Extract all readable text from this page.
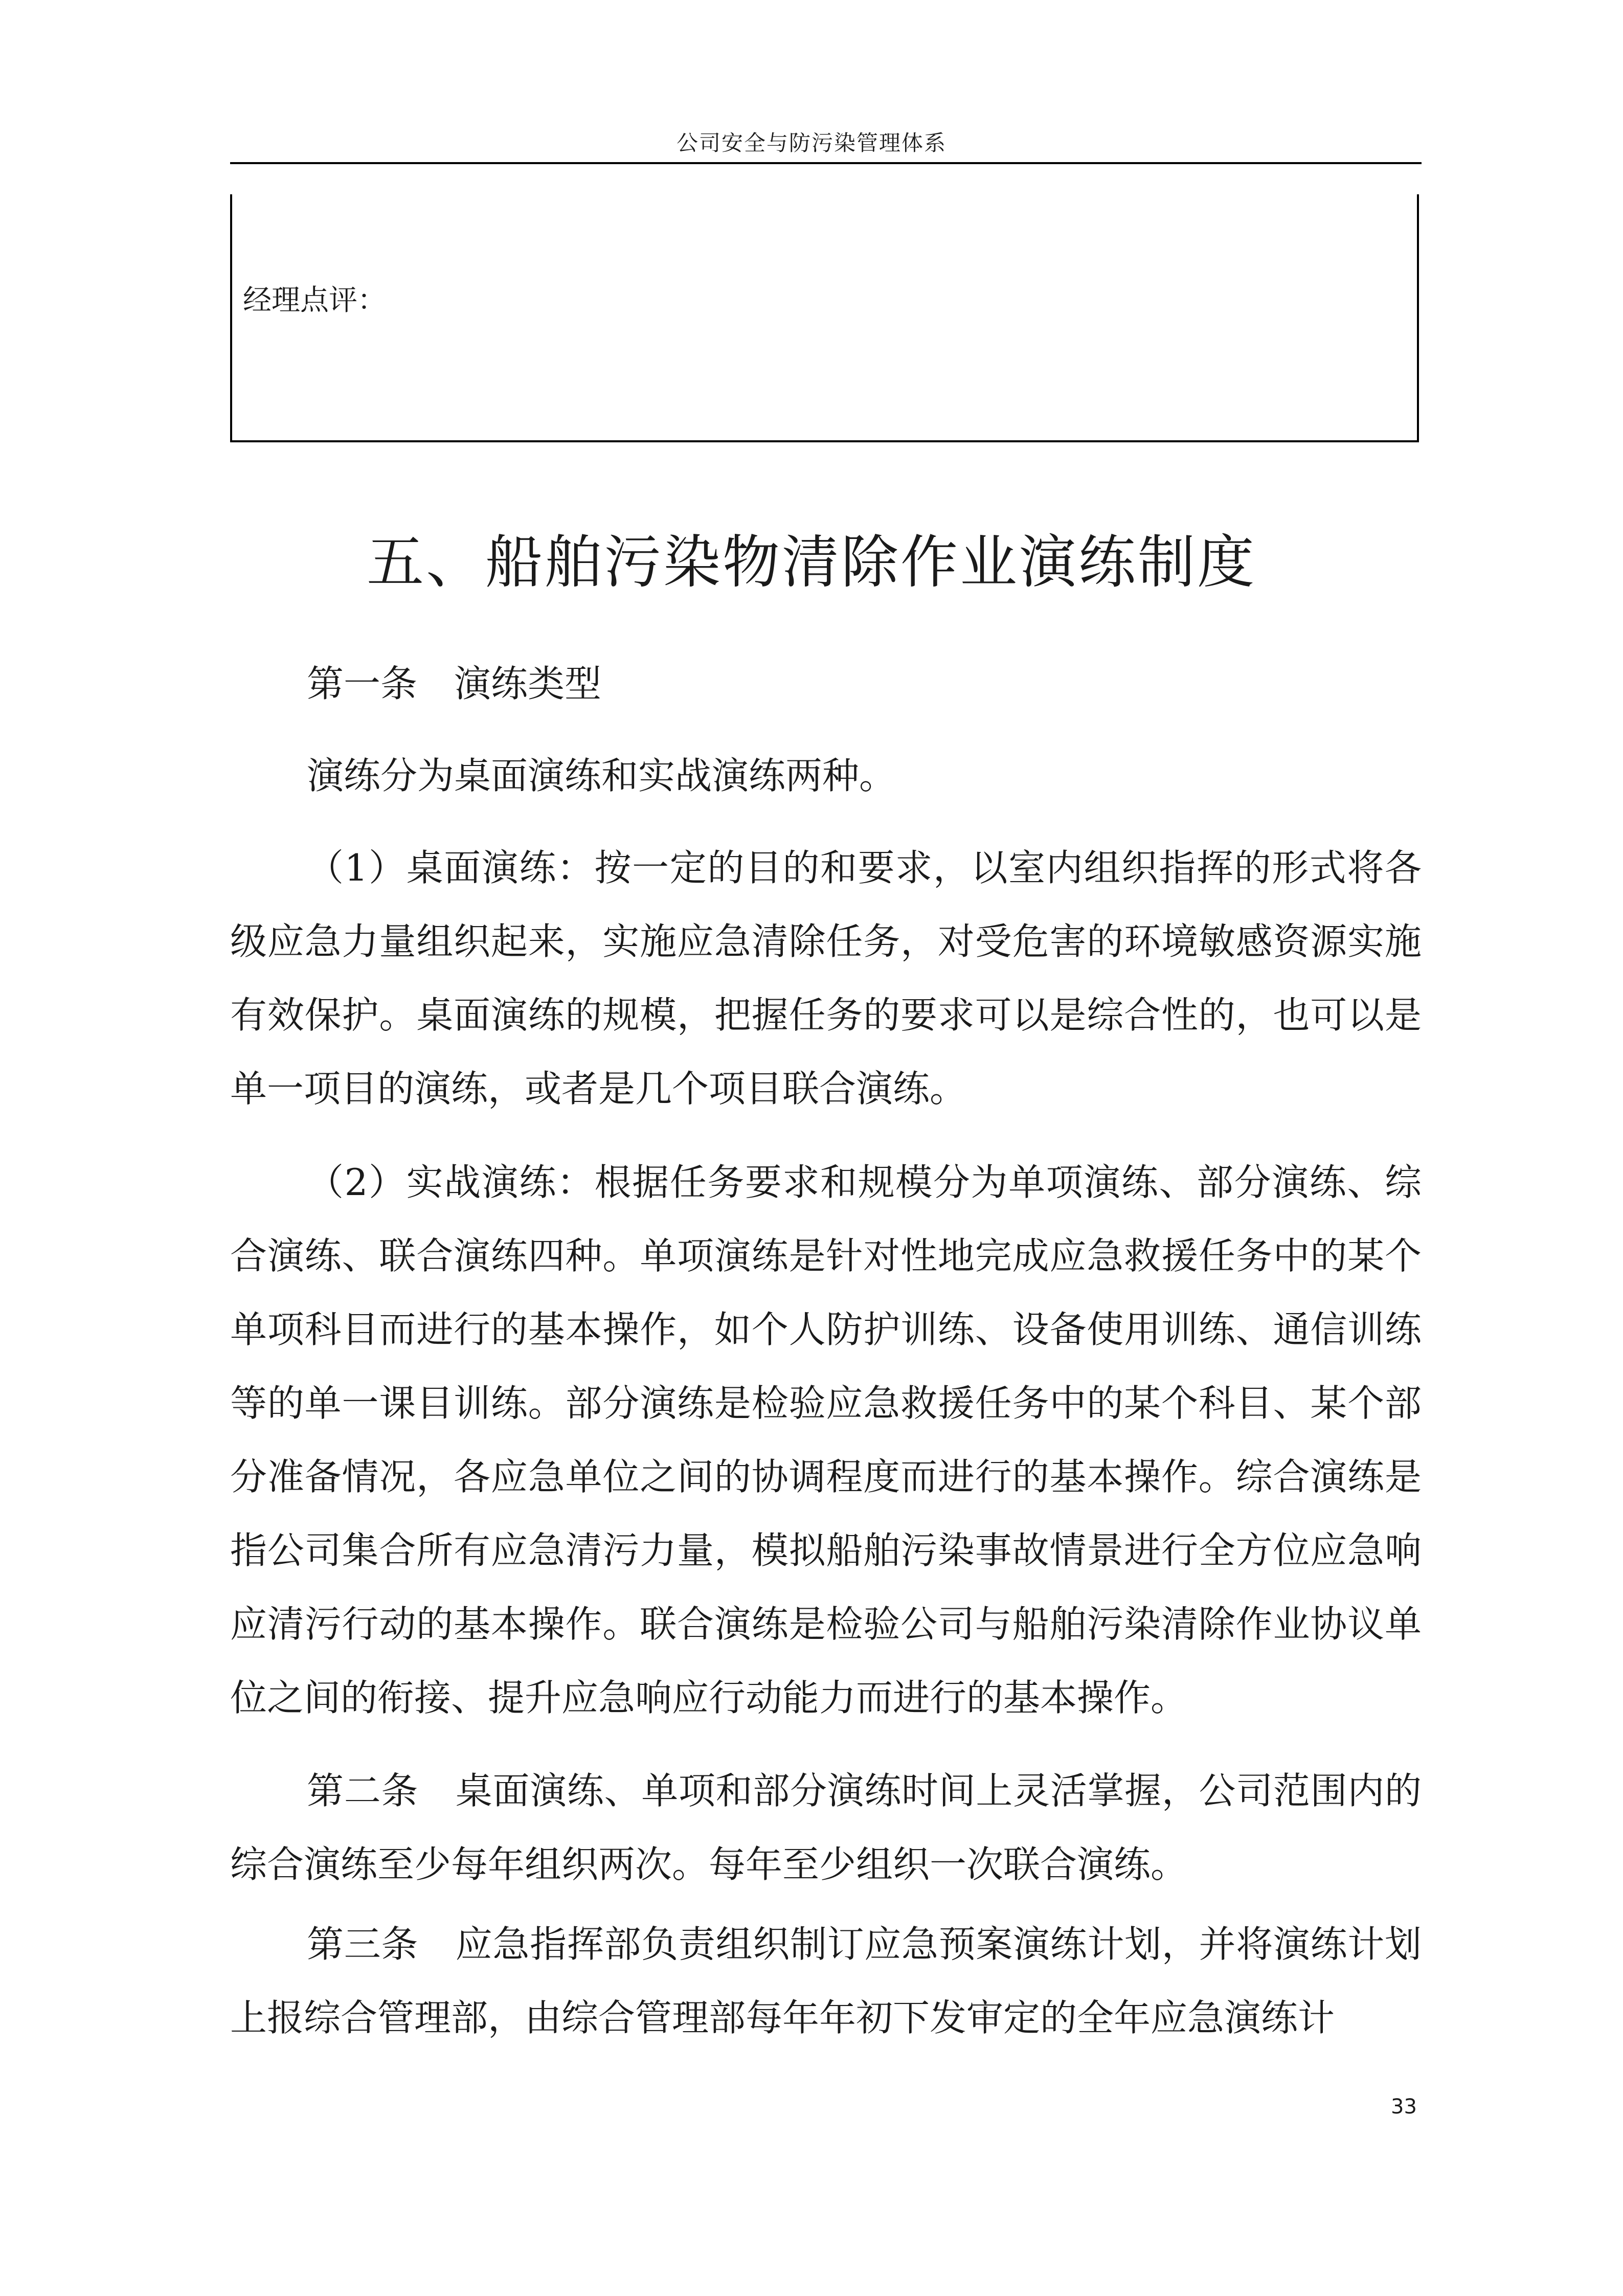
公司安全与防污染管理体系
经理点评：
五、船舶污染物清除作业演练制度

第一条　演练类型

演练分为桌面演练和实战演练两种。

（1）桌面演练：按一定的目的和要求，以室内组织指挥的形式将各级应急力量组织起来，实施应急清除任务，对受危害的环境敏感资源实施有效保护。桌面演练的规模，把握任务的要求可以是综合性的，也可以是单一项目的演练，或者是几个项目联合演练。

（2）实战演练：根据任务要求和规模分为单项演练、部分演练、综合演练、联合演练四种。单项演练是针对性地完成应急救援任务中的某个单项科目而进行的基本操作，如个人防护训练、设备使用训练、通信训练等的单一课目训练。部分演练是检验应急救援任务中的某个科目、某个部分准备情况，各应急单位之间的协调程度而进行的基本操作。综合演练是指公司集合所有应急清污力量，模拟船舶污染事故情景进行全方位应急响应清污行动的基本操作。联合演练是检验公司与船舶污染清除作业协议单位之间的衔接、提升应急响应行动能力而进行的基本操作。

第二条　桌面演练、单项和部分演练时间上灵活掌握，公司范围内的综合演练至少每年组织两次。每年至少组织一次联合演练。

第三条　应急指挥部负责组织制订应急预案演练计划，并将演练计划上报综合管理部，由综合管理部每年年初下发审定的全年应急演练计

33
